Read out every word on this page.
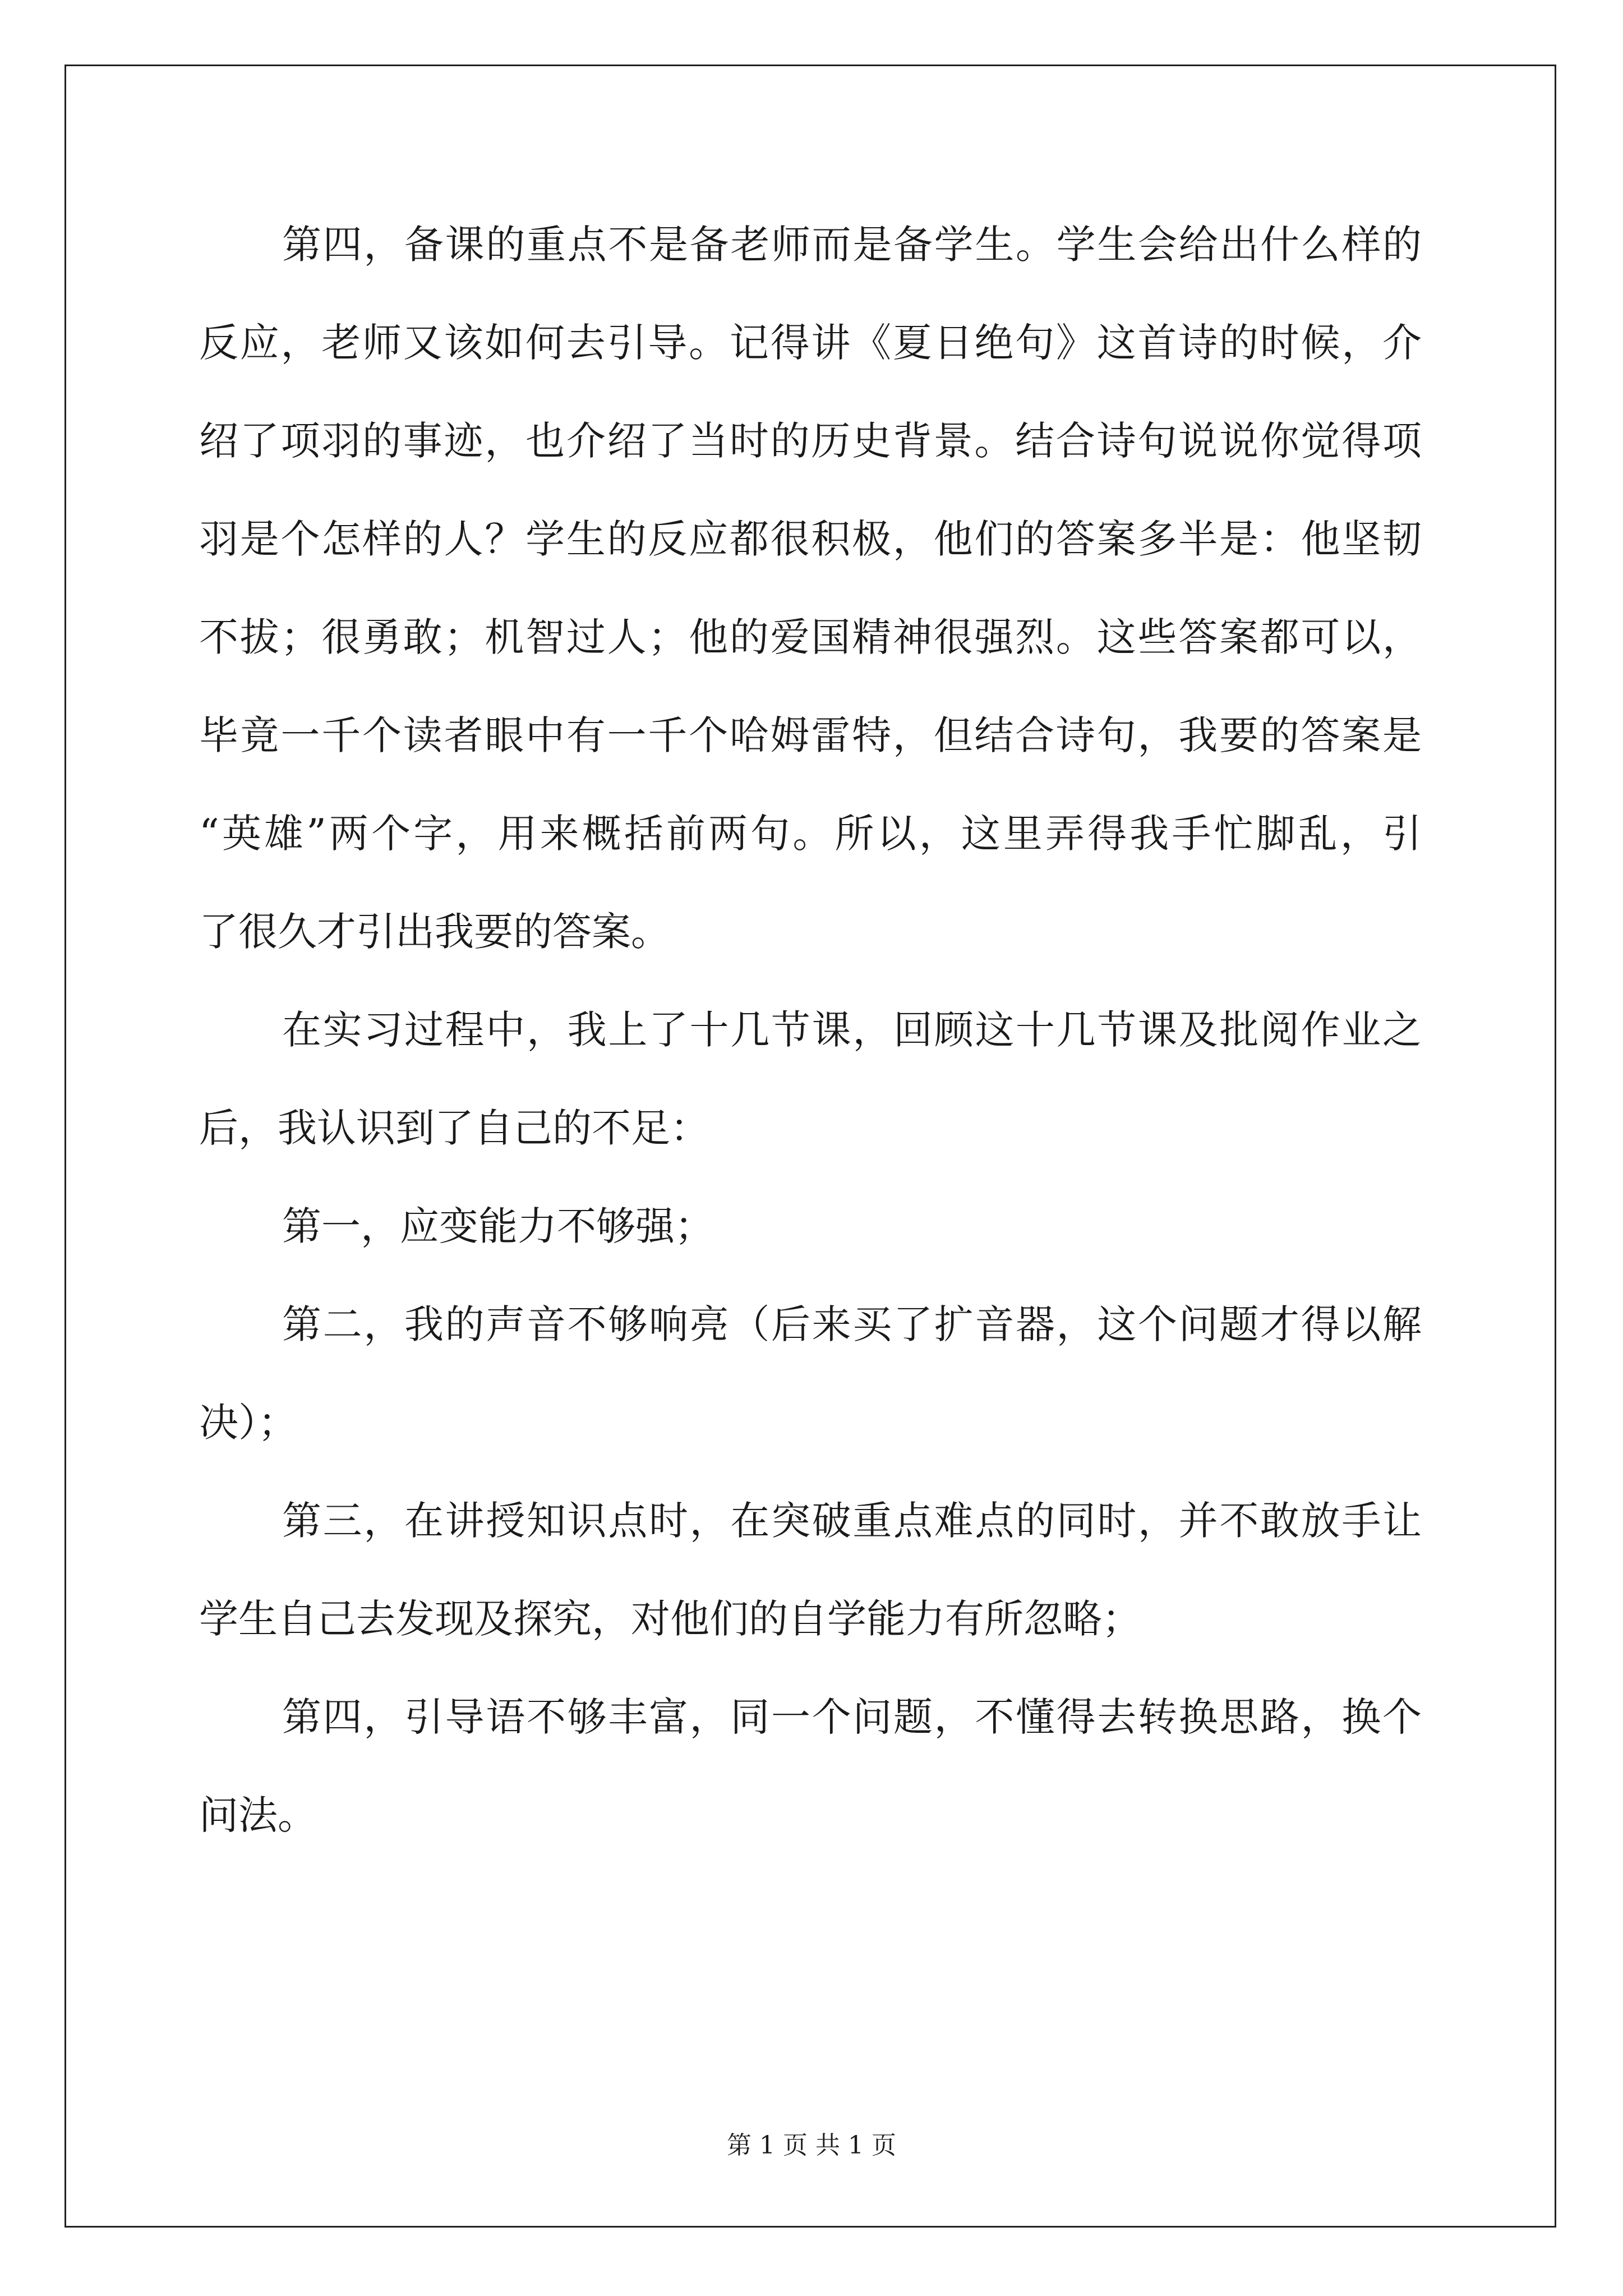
第四，备课的重点不是备老师而是备学生。学生会给出什么样的
反应，老师又该如何去引导。记得讲《夏日绝句》这首诗的时候，介
绍了项羽的事迹，也介绍了当时的历史背景。结合诗句说说你觉得项
羽是个怎样的人？学生的反应都很积极，他们的答案多半是：他坚韧
不拔；很勇敢；机智过人；他的爱国精神很强烈。这些答案都可以，
毕竟一千个读者眼中有一千个哈姆雷特，但结合诗句，我要的答案是
“英雄”两个字，用来概括前两句。所以，这里弄得我手忙脚乱，引
了很久才引出我要的答案。
在实习过程中，我上了十几节课，回顾这十几节课及批阅作业之
后，我认识到了自己的不足：
第一，应变能力不够强；
第二，我的声音不够响亮（后来买了扩音器，这个问题才得以解
决）；
第三，在讲授知识点时，在突破重点难点的同时，并不敢放手让
学生自己去发现及探究，对他们的自学能力有所忽略；
第四，引导语不够丰富，同一个问题，不懂得去转换思路，换个
问法。
第 1 页 共 1 页
